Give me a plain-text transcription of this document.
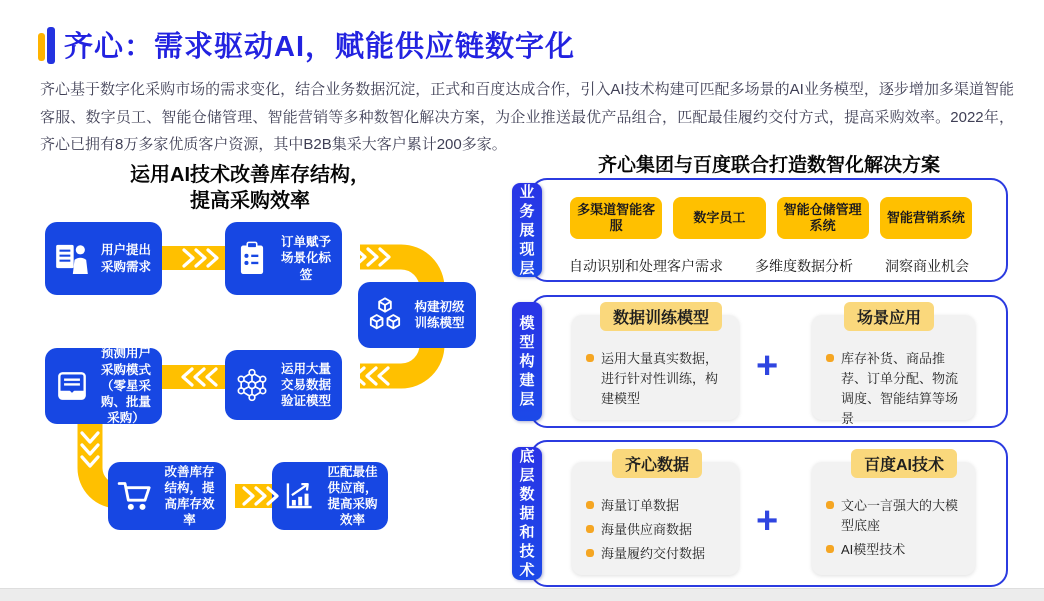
齐心：需求驱动AI，赋能供应链数字化

齐心基于数字化采购市场的需求变化，结合业务数据沉淀，正式和百度达成合作，引入AI技术构建可匹配多场景的AI业务模型，逐步增加多渠道智能客服、数字员工、智能仓储管理、智能营销等多种数智化解决方案，为企业推送最优产品组合，匹配最佳履约交付方式，提高采购效率。2022年，齐心已拥有8万多家优质客户资源，其中B2B集采大客户累计200多家。

运用AI技术改善库存结构，
提高采购效率
用户提出采购需求
订单赋予场景化标签
构建初级训练模型
运用大量交易数据验证模型
预测用户采购模式（零星采购、批量采购）
改善库存结构，提高库存效率
匹配最佳供应商，提高采购效率
齐心集团与百度联合打造数智化解决方案
多渠道智能客服
数字员工
智能仓储管理系统
智能营销系统
自动识别和处理客户需求 多维度数据分析 洞察商业机会
业务展现层
运用大量真实数据，进行针对性训练，构建模型
库存补货、商品推荐、订单分配、物流调度、智能结算等场景
数据训练模型	场景应用
+
模型构建层
海量订单数据
海量供应商数据
海量履约交付数据
文心一言强大的大模型底座
AI模型技术
齐心数据	百度AI技术
+
底层数据和技术
